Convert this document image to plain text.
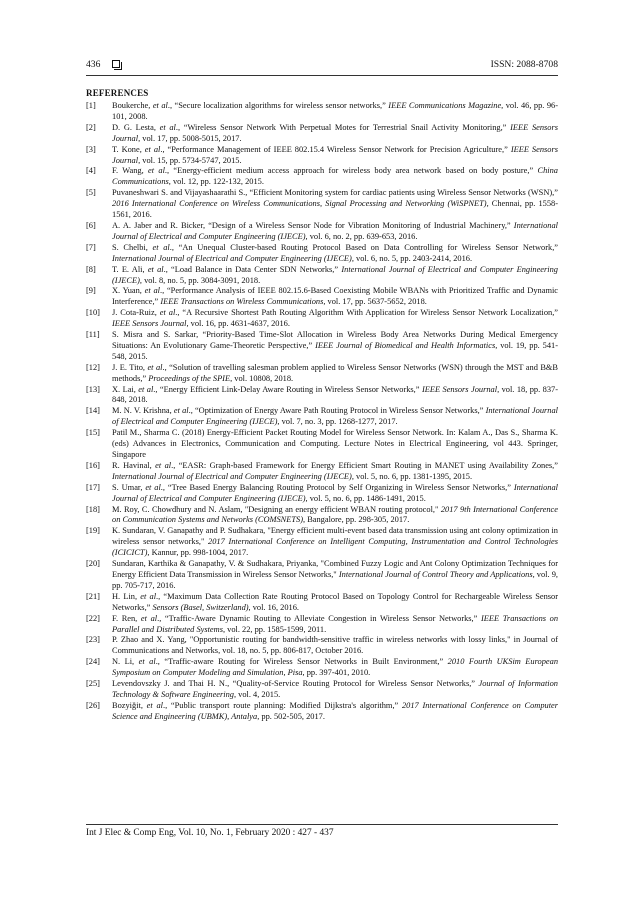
436	ISSN: 2088-8708
REFERENCES
[1] Boukerche, et al., “Secure localization algorithms for wireless sensor networks,” IEEE Communications Magazine, vol. 46, pp. 96-101, 2008.
[2] D. G. Lesta, et al., “Wireless Sensor Network With Perpetual Motes for Terrestrial Snail Activity Monitoring,” IEEE Sensors Journal, vol. 17, pp. 5008-5015, 2017.
[3] T. Kone, et al., “Performance Management of IEEE 802.15.4 Wireless Sensor Network for Precision Agriculture,” IEEE Sensors Journal, vol. 15, pp. 5734-5747, 2015.
[4] F. Wang, et al., “Energy-efficient medium access approach for wireless body area network based on body posture,” China Communications, vol. 12, pp. 122-132, 2015.
[5] Puvaneshwari S. and Vijayashaarathi S., “Efficient Monitoring system for cardiac patients using Wireless Sensor Networks (WSN),” 2016 International Conference on Wireless Communications, Signal Processing and Networking (WiSPNET), Chennai, pp. 1558-1561, 2016.
[6] A. A. Jaber and R. Bicker, “Design of a Wireless Sensor Node for Vibration Monitoring of Industrial Machinery,” International Journal of Electrical and Computer Engineering (IJECE), vol. 6, no. 2, pp. 639-653, 2016.
[7] S. Chelbi, et al., “An Unequal Cluster-based Routing Protocol Based on Data Controlling for Wireless Sensor Network,” International Journal of Electrical and Computer Engineering (IJECE), vol. 6, no. 5, pp. 2403-2414, 2016.
[8] T. E. Ali, et al., “Load Balance in Data Center SDN Networks,” International Journal of Electrical and Computer Engineering (IJECE), vol. 8, no. 5, pp. 3084-3091, 2018.
[9] X. Yuan, et al., “Performance Analysis of IEEE 802.15.6-Based Coexisting Mobile WBANs with Prioritized Traffic and Dynamic Interference,” IEEE Transactions on Wireless Communications, vol. 17, pp. 5637-5652, 2018.
[10] J. Cota-Ruiz, et al., “A Recursive Shortest Path Routing Algorithm With Application for Wireless Sensor Network Localization,” IEEE Sensors Journal, vol. 16, pp. 4631-4637, 2016.
[11] S. Misra and S. Sarkar, “Priority-Based Time-Slot Allocation in Wireless Body Area Networks During Medical Emergency Situations: An Evolutionary Game-Theoretic Perspective,” IEEE Journal of Biomedical and Health Informatics, vol. 19, pp. 541-548, 2015.
[12] J. E. Tito, et al., “Solution of travelling salesman problem applied to Wireless Sensor Networks (WSN) through the MST and B&B methods,” Proceedings of the SPIE, vol. 10808, 2018.
[13] X. Lai, et al., “Energy Efficient Link-Delay Aware Routing in Wireless Sensor Networks,” IEEE Sensors Journal, vol. 18, pp. 837-848, 2018.
[14] M. N. V. Krishna, et al., “Optimization of Energy Aware Path Routing Protocol in Wireless Sensor Networks,” International Journal of Electrical and Computer Engineering (IJECE), vol. 7, no. 3, pp. 1268-1277, 2017.
[15] Patil M., Sharma C. (2018) Energy-Efficient Packet Routing Model for Wireless Sensor Network. In: Kalam A., Das S., Sharma K. (eds) Advances in Electronics, Communication and Computing. Lecture Notes in Electrical Engineering, vol 443. Springer, Singapore
[16] R. Havinal, et al., “EASR: Graph-based Framework for Energy Efficient Smart Routing in MANET using Availability Zones,” International Journal of Electrical and Computer Engineering (IJECE), vol. 5, no. 6, pp. 1381-1395, 2015.
[17] S. Umar, et al., “Tree Based Energy Balancing Routing Protocol by Self Organizing in Wireless Sensor Networks,” International Journal of Electrical and Computer Engineering (IJECE), vol. 5, no. 6, pp. 1486-1491, 2015.
[18] M. Roy, C. Chowdhury and N. Aslam, "Designing an energy efficient WBAN routing protocol," 2017 9th International Conference on Communication Systems and Networks (COMSNETS), Bangalore, pp. 298-305, 2017.
[19] K. Sundaran, V. Ganapathy and P. Sudhakara, "Energy efficient multi-event based data transmission using ant colony optimization in wireless sensor networks," 2017 International Conference on Intelligent Computing, Instrumentation and Control Technologies (ICICICT), Kannur, pp. 998-1004, 2017.
[20] Sundaran, Karthika & Ganapathy, V. & Sudhakara, Priyanka, "Combined Fuzzy Logic and Ant Colony Optimization Techniques for Energy Efficient Data Transmission in Wireless Sensor Networks," International Journal of Control Theory and Applications, vol. 9, pp. 705-717, 2016.
[21] H. Lin, et al., “Maximum Data Collection Rate Routing Protocol Based on Topology Control for Rechargeable Wireless Sensor Networks,” Sensors (Basel, Switzerland), vol. 16, 2016.
[22] F. Ren, et al., “Traffic-Aware Dynamic Routing to Alleviate Congestion in Wireless Sensor Networks,” IEEE Transactions on Parallel and Distributed Systems, vol. 22, pp. 1585-1599, 2011.
[23] P. Zhao and X. Yang, "Opportunistic routing for bandwidth-sensitive traffic in wireless networks with lossy links," in Journal of Communications and Networks, vol. 18, no. 5, pp. 806-817, October 2016.
[24] N. Li, et al., “Traffic-aware Routing for Wireless Sensor Networks in Built Environment,” 2010 Fourth UKSim European Symposium on Computer Modeling and Simulation, Pisa, pp. 397-401, 2010.
[25] Levendovszky J. and Thai H. N., “Quality-of-Service Routing Protocol for Wireless Sensor Networks,” Journal of Information Technology & Software Engineering, vol. 4, 2015.
[26] Bozyiğit, et al., “Public transport route planning: Modified Dijkstra's algorithm,” 2017 International Conference on Computer Science and Engineering (UBMK), Antalya, pp. 502-505, 2017.
Int J Elec & Comp Eng, Vol. 10, No. 1, February 2020 : 427 - 437
